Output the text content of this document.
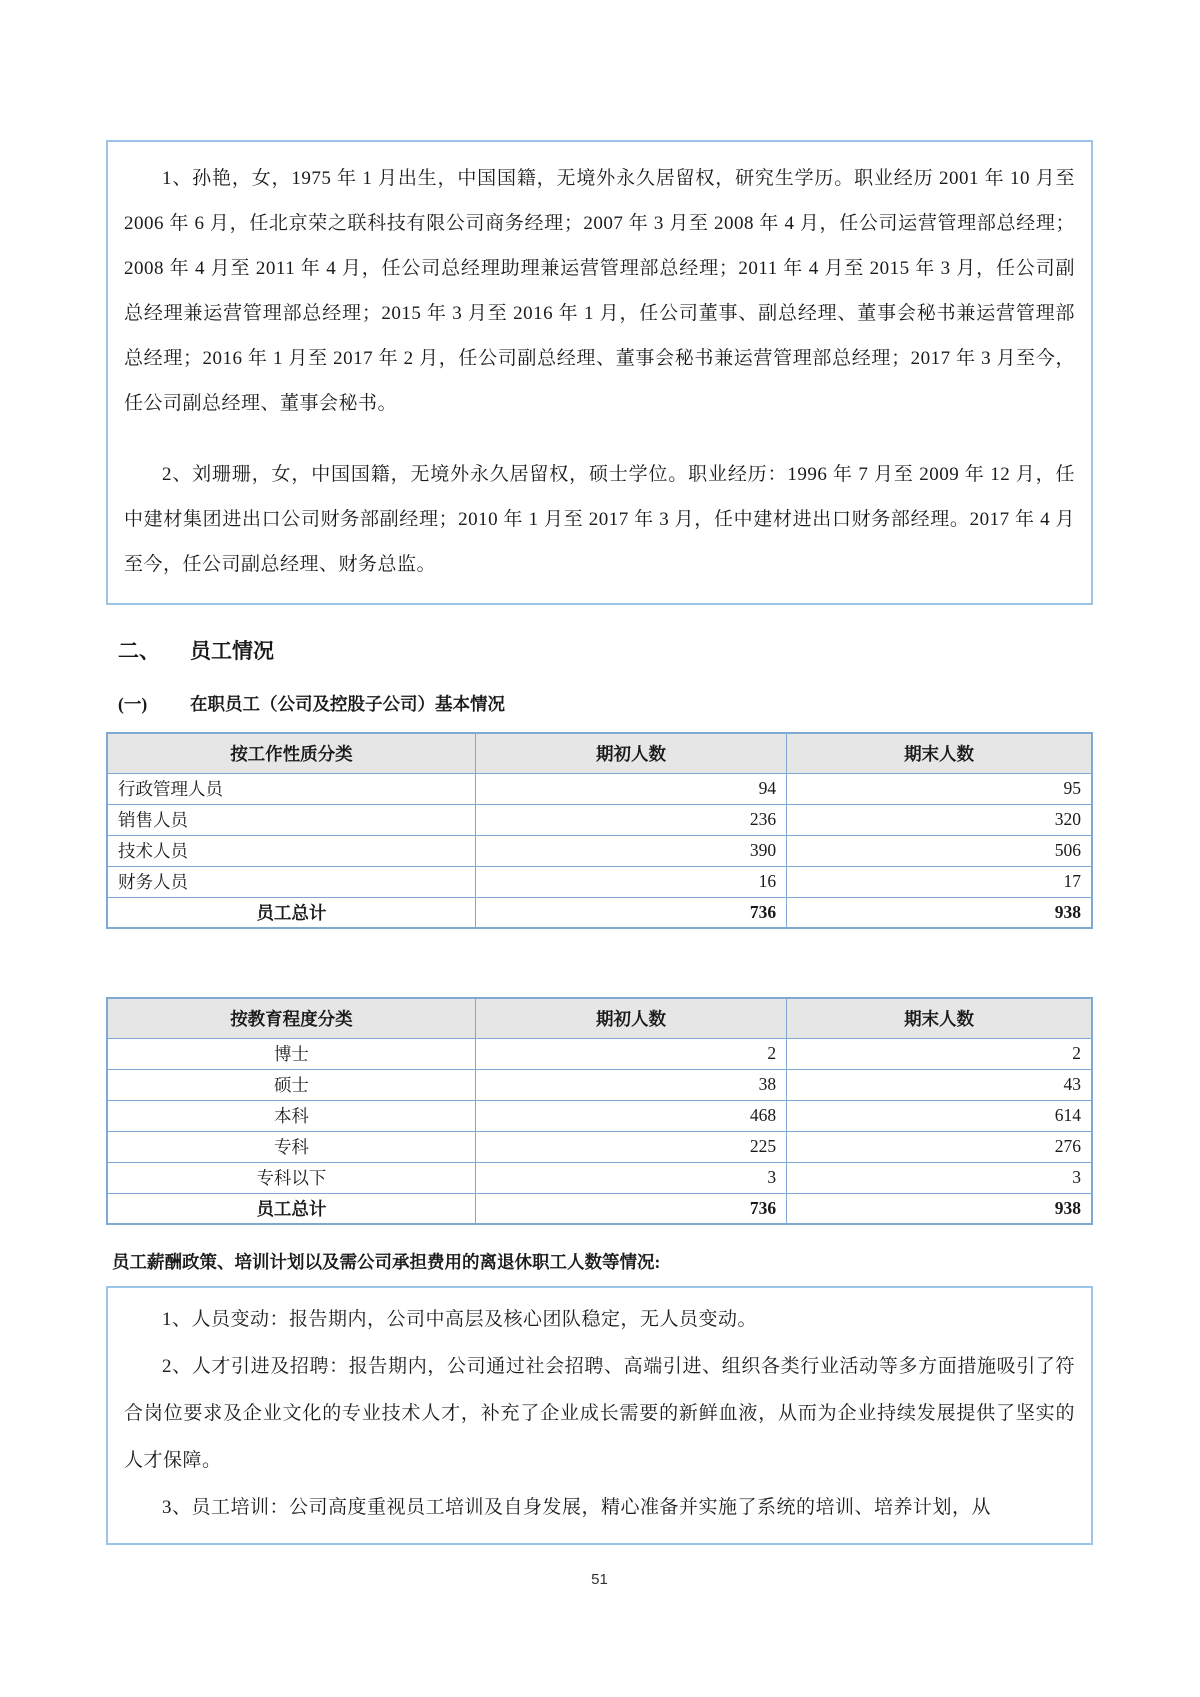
1、孙艳，女，1975 年 1 月出生，中国国籍，无境外永久居留权，研究生学历。职业经历 2001 年 10 月至 2006 年 6 月，任北京荣之联科技有限公司商务经理；2007 年 3 月至 2008 年 4 月，任公司运营管理部总经理；2008 年 4 月至 2011 年 4 月，任公司总经理助理兼运营管理部总经理；2011 年 4 月至 2015 年 3 月，任公司副总经理兼运营管理部总经理；2015 年 3 月至 2016 年 1 月，任公司董事、副总经理、董事会秘书兼运营管理部总经理；2016 年 1 月至 2017 年 2 月，任公司副总经理、董事会秘书兼运营管理部总经理；2017 年 3 月至今，任公司副总经理、董事会秘书。

2、刘珊珊，女，中国国籍，无境外永久居留权，硕士学位。职业经历：1996 年 7 月至 2009 年 12 月，任中建材集团进出口公司财务部副经理；2010 年 1 月至 2017 年 3 月，任中建材进出口财务部经理。2017 年 4 月至今，任公司副总经理、财务总监。

二、	员工情况
(一)	在职员工（公司及控股子公司）基本情况
按工作性质分类	期初人数	期末人数
行政管理人员	94	95
销售人员	236	320
技术人员	390	506
财务人员	16	17
员工总计	736	938
按教育程度分类	期初人数	期末人数
博士	2	2
硕士	38	43
本科	468	614
专科	225	276
专科以下	3	3
员工总计	736	938
员工薪酬政策、培训计划以及需公司承担费用的离退休职工人数等情况:

1、人员变动：报告期内，公司中高层及核心团队稳定，无人员变动。

2、人才引进及招聘：报告期内，公司通过社会招聘、高端引进、组织各类行业活动等多方面措施吸引了符合岗位要求及企业文化的专业技术人才，补充了企业成长需要的新鲜血液，从而为企业持续发展提供了坚实的人才保障。

3、员工培训：公司高度重视员工培训及自身发展，精心准备并实施了系统的培训、培养计划，从

51
